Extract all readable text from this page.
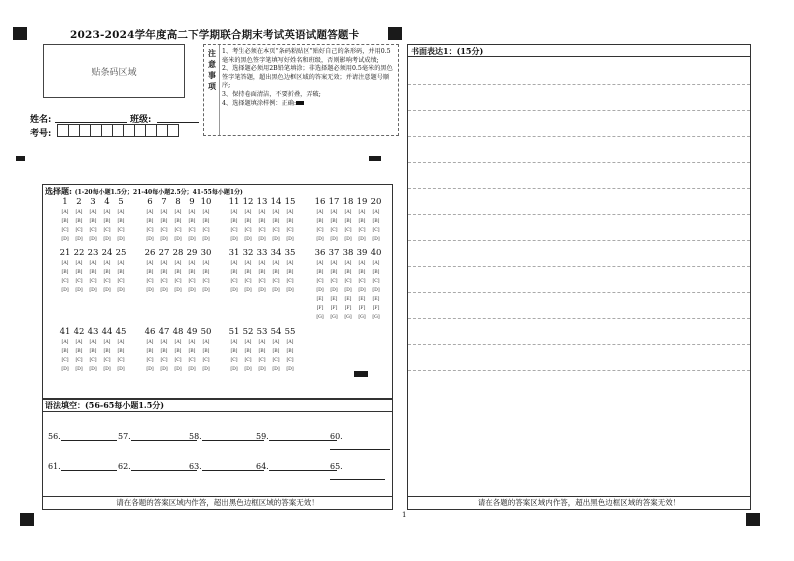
2023-2024学年度高二下学期联合期末考试英语试题答题卡
贴条码区域
姓名:	班级:
考号:
注意事项

1、考生必须在本页“条码粘贴区”贴好自己的条形码，并用0.5毫米的黑色签字笔填写好姓名和班级，否则影响考试成绩;

2、选择题必须用2B铅笔填涂；非选择题必须用0.5毫米的黑色签字笔答题，超出黑色边框区域的答案无效；并请注意题号顺序;

3、保持卷面清洁，不要折叠，弄破;

4、选择题填涂样例：正确:

选择题: (1-20每小题1.5分；21-40每小题2.5分；41-55每小题1分)
1	2	3	4	5
[A]	[A]	[A]	[A]	[A]
[B]	[B]	[B]	[B]	[B]
[C]	[C]	[C]	[C]	[C]
[D]	[D]	[D]	[D]	[D]
6	7	8	9 10
[A]	[A]	[A]	[A]	[A]
[B]	[B]	[B]	[B]	[B]
[C]	[C]	[C]	[C]	[C]
[D]	[D]	[D]	[D]	[D]
11 12 13 14 15
[A]	[A]	[A]	[A]	[A]
[B]	[B]	[B]	[B]	[B]
[C]	[C]	[C]	[C]	[C]
[D]	[D]	[D]	[D]	[D]
16 17 18 19 20
[A]	[A]	[A]	[A]	[A]
[B]	[B]	[B]	[B]	[B]
[C]	[C]	[C]	[C]	[C]
[D]	[D]	[D]	[D]	[D]
21 22 23 24 25
[A]	[A]	[A]	[A]	[A]
[B]	[B]	[B]	[B]	[B]
[C]	[C]	[C]	[C]	[C]
[D]	[D]	[D]	[D]	[D]
26 27 28 29 30
[A]	[A]	[A]	[A]	[A]
[B]	[B]	[B]	[B]	[B]
[C]	[C]	[C]	[C]	[C]
[D]	[D]	[D]	[D]	[D]
31 32 33 34 35
[A]	[A]	[A]	[A]	[A]
[B]	[B]	[B]	[B]	[B]
[C]	[C]	[C]	[C]	[C]
[D]	[D]	[D]	[D]	[D]
36 37 38 39 40
[A]	[A]	[A]	[A]	[A]
[B]	[B]	[B]	[B]	[B]
[C]	[C]	[C]	[C]	[C]
[D]	[D]	[D]	[D]	[D]
[E]	[E]	[E]	[E]	[E]
[F]	[F]	[F]	[F]	[F]
[G]	[G]	[G]	[G]	[G]
41 42 43 44 45
[A]	[A]	[A]	[A]	[A]
[B]	[B]	[B]	[B]	[B]
[C]	[C]	[C]	[C]	[C]
[D]	[D]	[D]	[D]	[D]
46 47 48 49 50
[A]	[A]	[A]	[A]	[A]
[B]	[B]	[B]	[B]	[B]
[C]	[C]	[C]	[C]	[C]
[D]	[D]	[D]	[D]	[D]
51 52 53 54 55
[A]	[A]	[A]	[A]	[A]
[B]	[B]	[B]	[B]	[B]
[C]	[C]	[C]	[C]	[C]
[D]	[D]	[D]	[D]	[D]
语法填空：(56-65每小题1.5分)
56.	57.	58.	59.	60.
61.	62.	63.	64.	65.
请在各题的答案区域内作答，超出黑色边框区域的答案无效！
书面表达1：(15分)
请在各题的答案区域内作答，超出黑色边框区域的答案无效！
1
